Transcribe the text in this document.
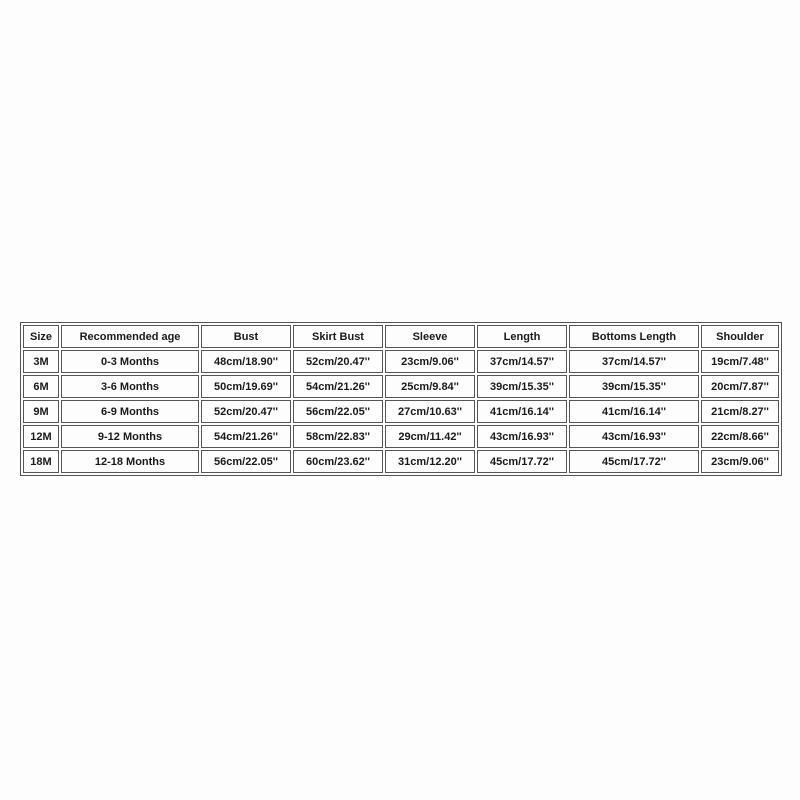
Size	Recommended age	Bust	Skirt Bust	Sleeve	Length	Bottoms Length	Shoulder
3M	0-3 Months	48cm/18.90''	52cm/20.47''	23cm/9.06''	37cm/14.57''	37cm/14.57''	19cm/7.48''
6M	3-6 Months	50cm/19.69''	54cm/21.26''	25cm/9.84''	39cm/15.35''	39cm/15.35''	20cm/7.87''
9M	6-9 Months	52cm/20.47''	56cm/22.05''	27cm/10.63''	41cm/16.14''	41cm/16.14''	21cm/8.27''
12M	9-12 Months	54cm/21.26''	58cm/22.83''	29cm/11.42''	43cm/16.93''	43cm/16.93''	22cm/8.66''
18M	12-18 Months	56cm/22.05''	60cm/23.62''	31cm/12.20''	45cm/17.72''	45cm/17.72''	23cm/9.06''
